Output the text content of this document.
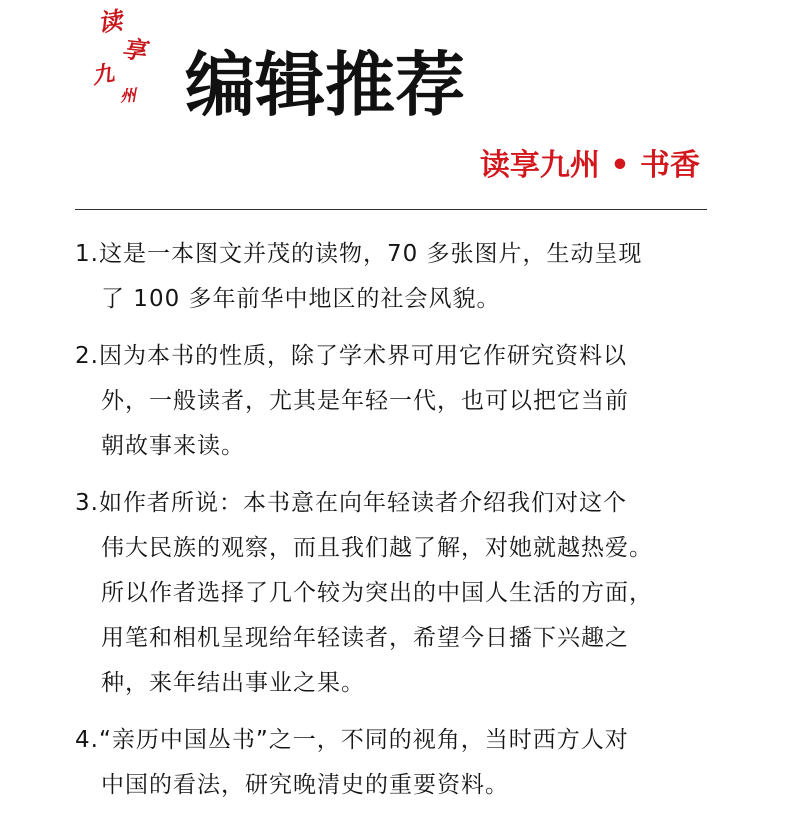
读
享
九
州 编辑推荐
读享九州 • 书香
1.这是一本图文并茂的读物，70 多张图片，生动呈现
了 100 多年前华中地区的社会风貌。
2.因为本书的性质，除了学术界可用它作研究资料以
外，一般读者，尤其是年轻一代，也可以把它当前
朝故事来读。
3.如作者所说：本书意在向年轻读者介绍我们对这个
伟大民族的观察，而且我们越了解，对她就越热爱。
所以作者选择了几个较为突出的中国人生活的方面，
用笔和相机呈现给年轻读者，希望今日播下兴趣之
种，来年结出事业之果。
4.“亲历中国丛书”之一，不同的视角，当时西方人对
中国的看法，研究晚清史的重要资料。
